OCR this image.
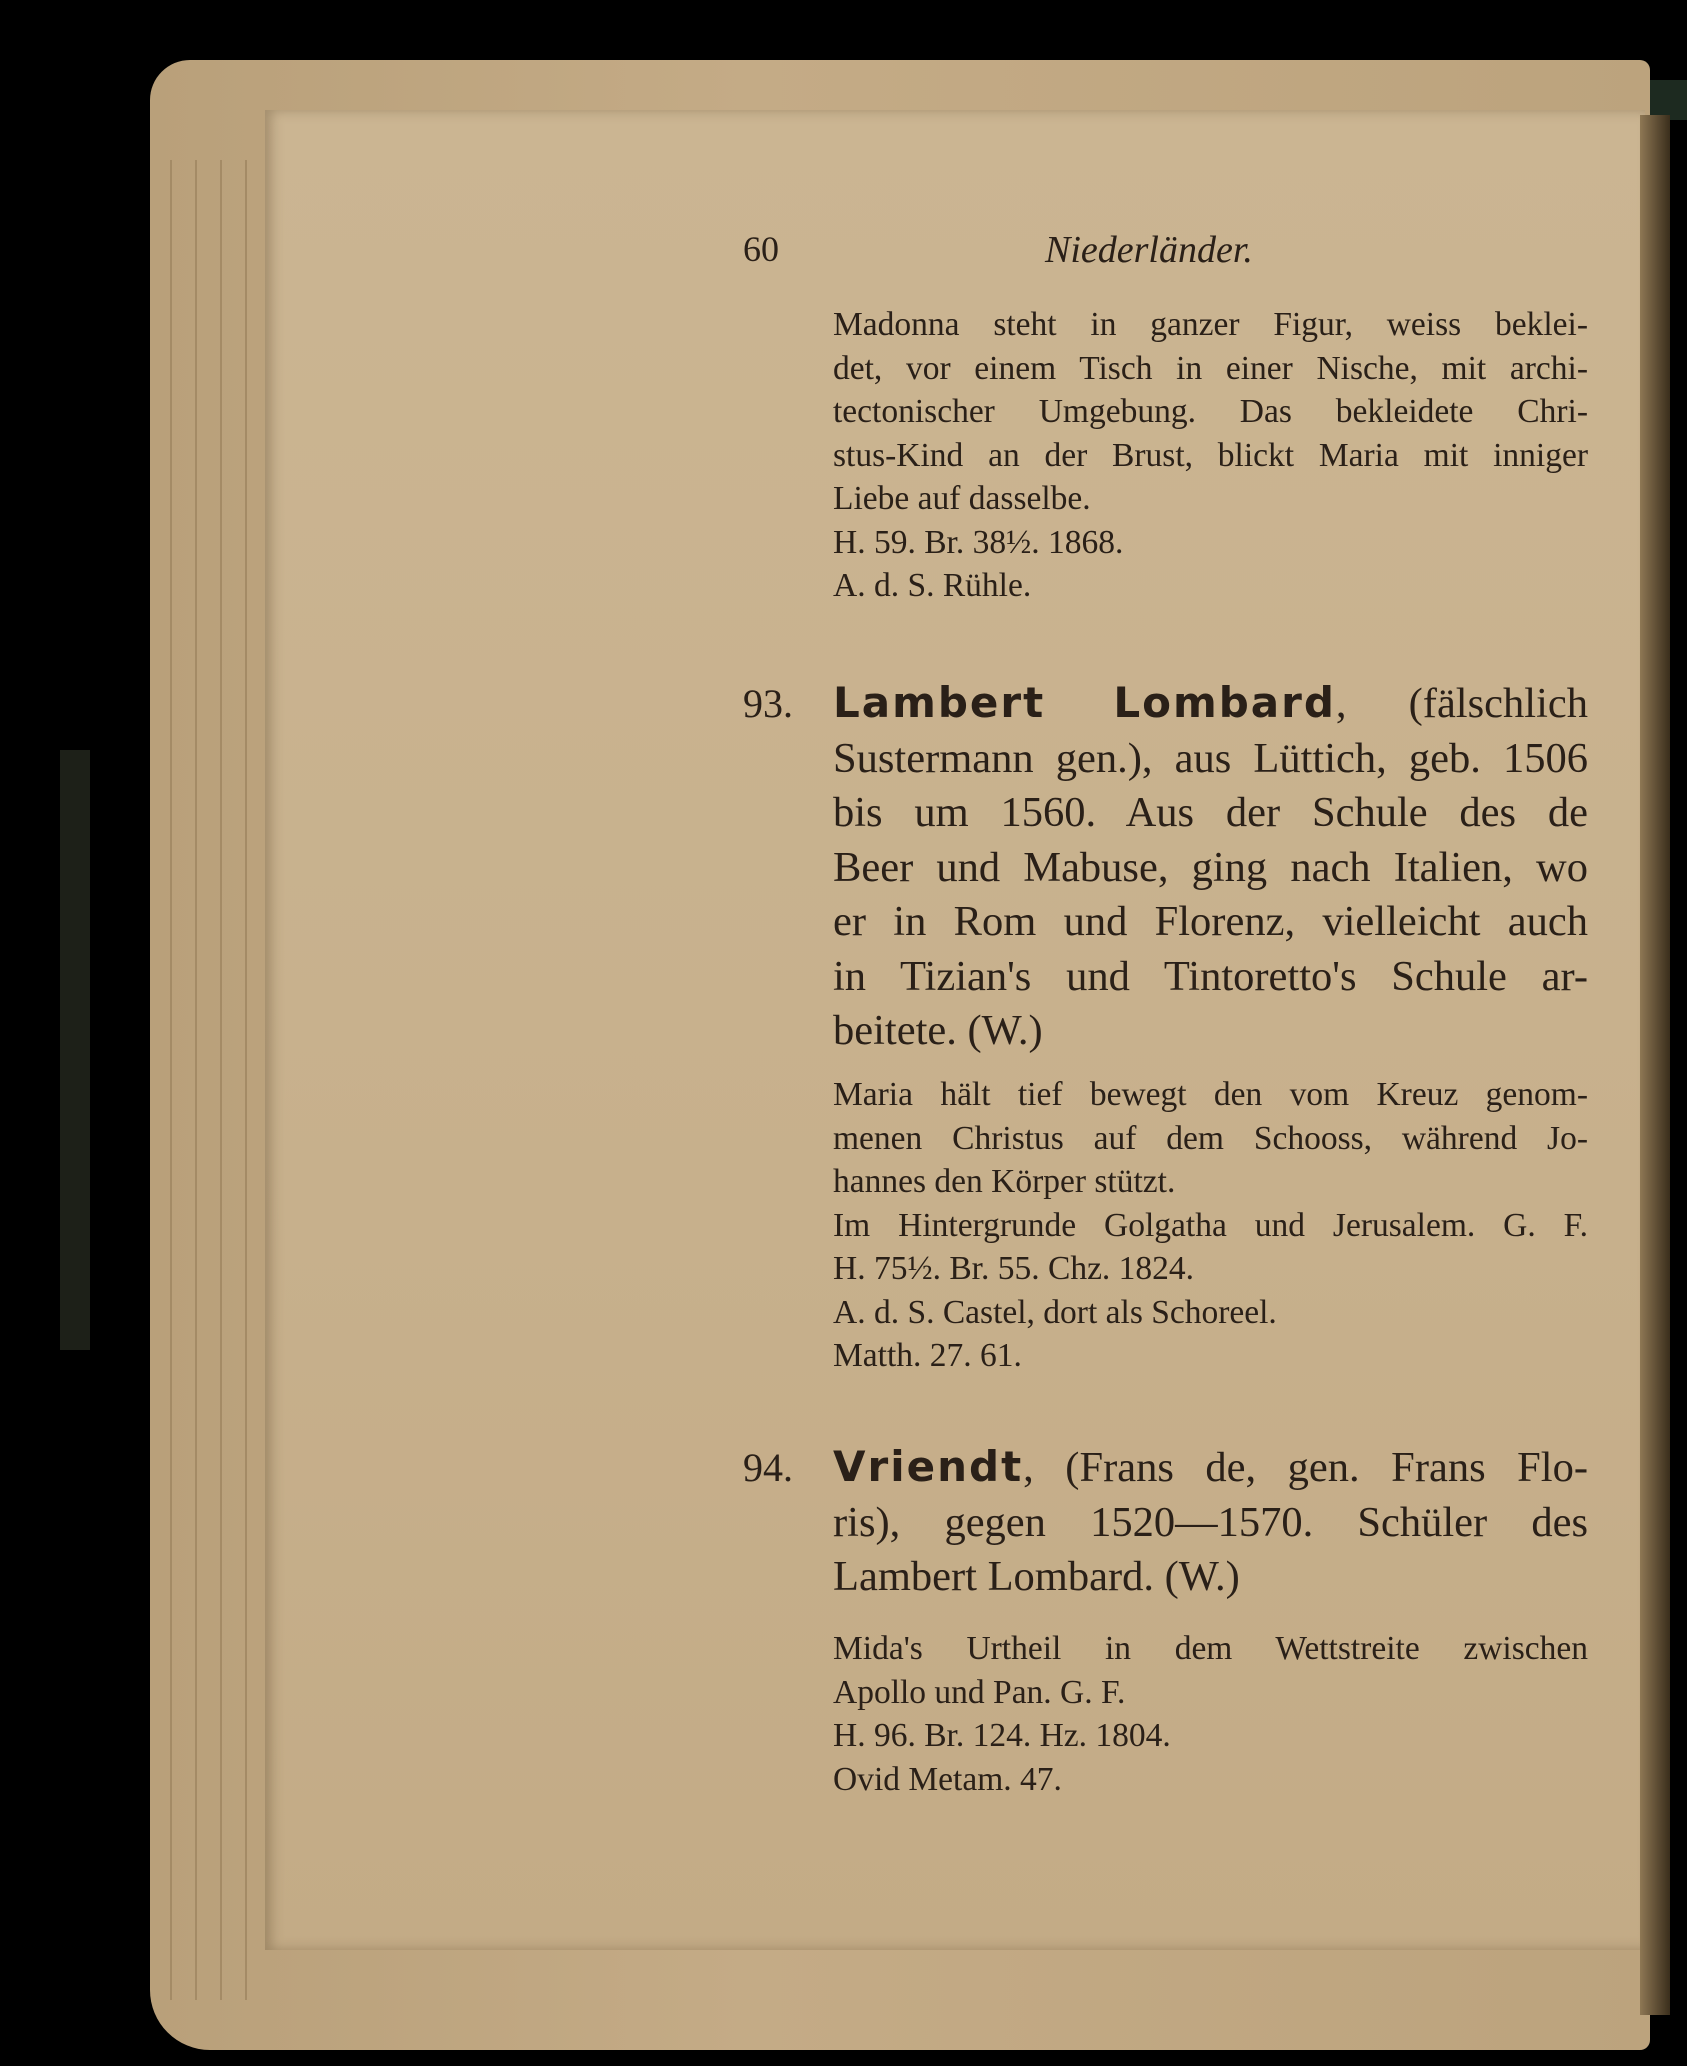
60	Niederländer.
Madonna steht in ganzer Figur, weiss beklei-
det, vor einem Tisch in einer Nische, mit archi-
tectonischer Umgebung. Das bekleidete Chri-
stus-Kind an der Brust, blickt Maria mit inniger
Liebe auf dasselbe.
H. 59. Br. 38½. 1868.
A. d. S. Rühle.
93. Lambert Lombard, (fälschlich
Sustermann gen.), aus Lüttich, geb. 1506
bis um 1560. Aus der Schule des de
Beer und Mabuse, ging nach Italien, wo
er in Rom und Florenz, vielleicht auch
in Tizian's und Tintoretto's Schule ar-
beitete. (W.)
Maria hält tief bewegt den vom Kreuz genom-
menen Christus auf dem Schooss, während Jo-
hannes den Körper stützt.
Im Hintergrunde Golgatha und Jerusalem. G. F.
H. 75½. Br. 55. Chz. 1824.
A. d. S. Castel, dort als Schoreel.
Matth. 27. 61.
94. Vriendt, (Frans de, gen. Frans Flo-
ris), gegen 1520—1570. Schüler des
Lambert Lombard. (W.)
Mida's Urtheil in dem Wettstreite zwischen
Apollo und Pan. G. F.
H. 96. Br. 124. Hz. 1804.
Ovid Metam. 47.
